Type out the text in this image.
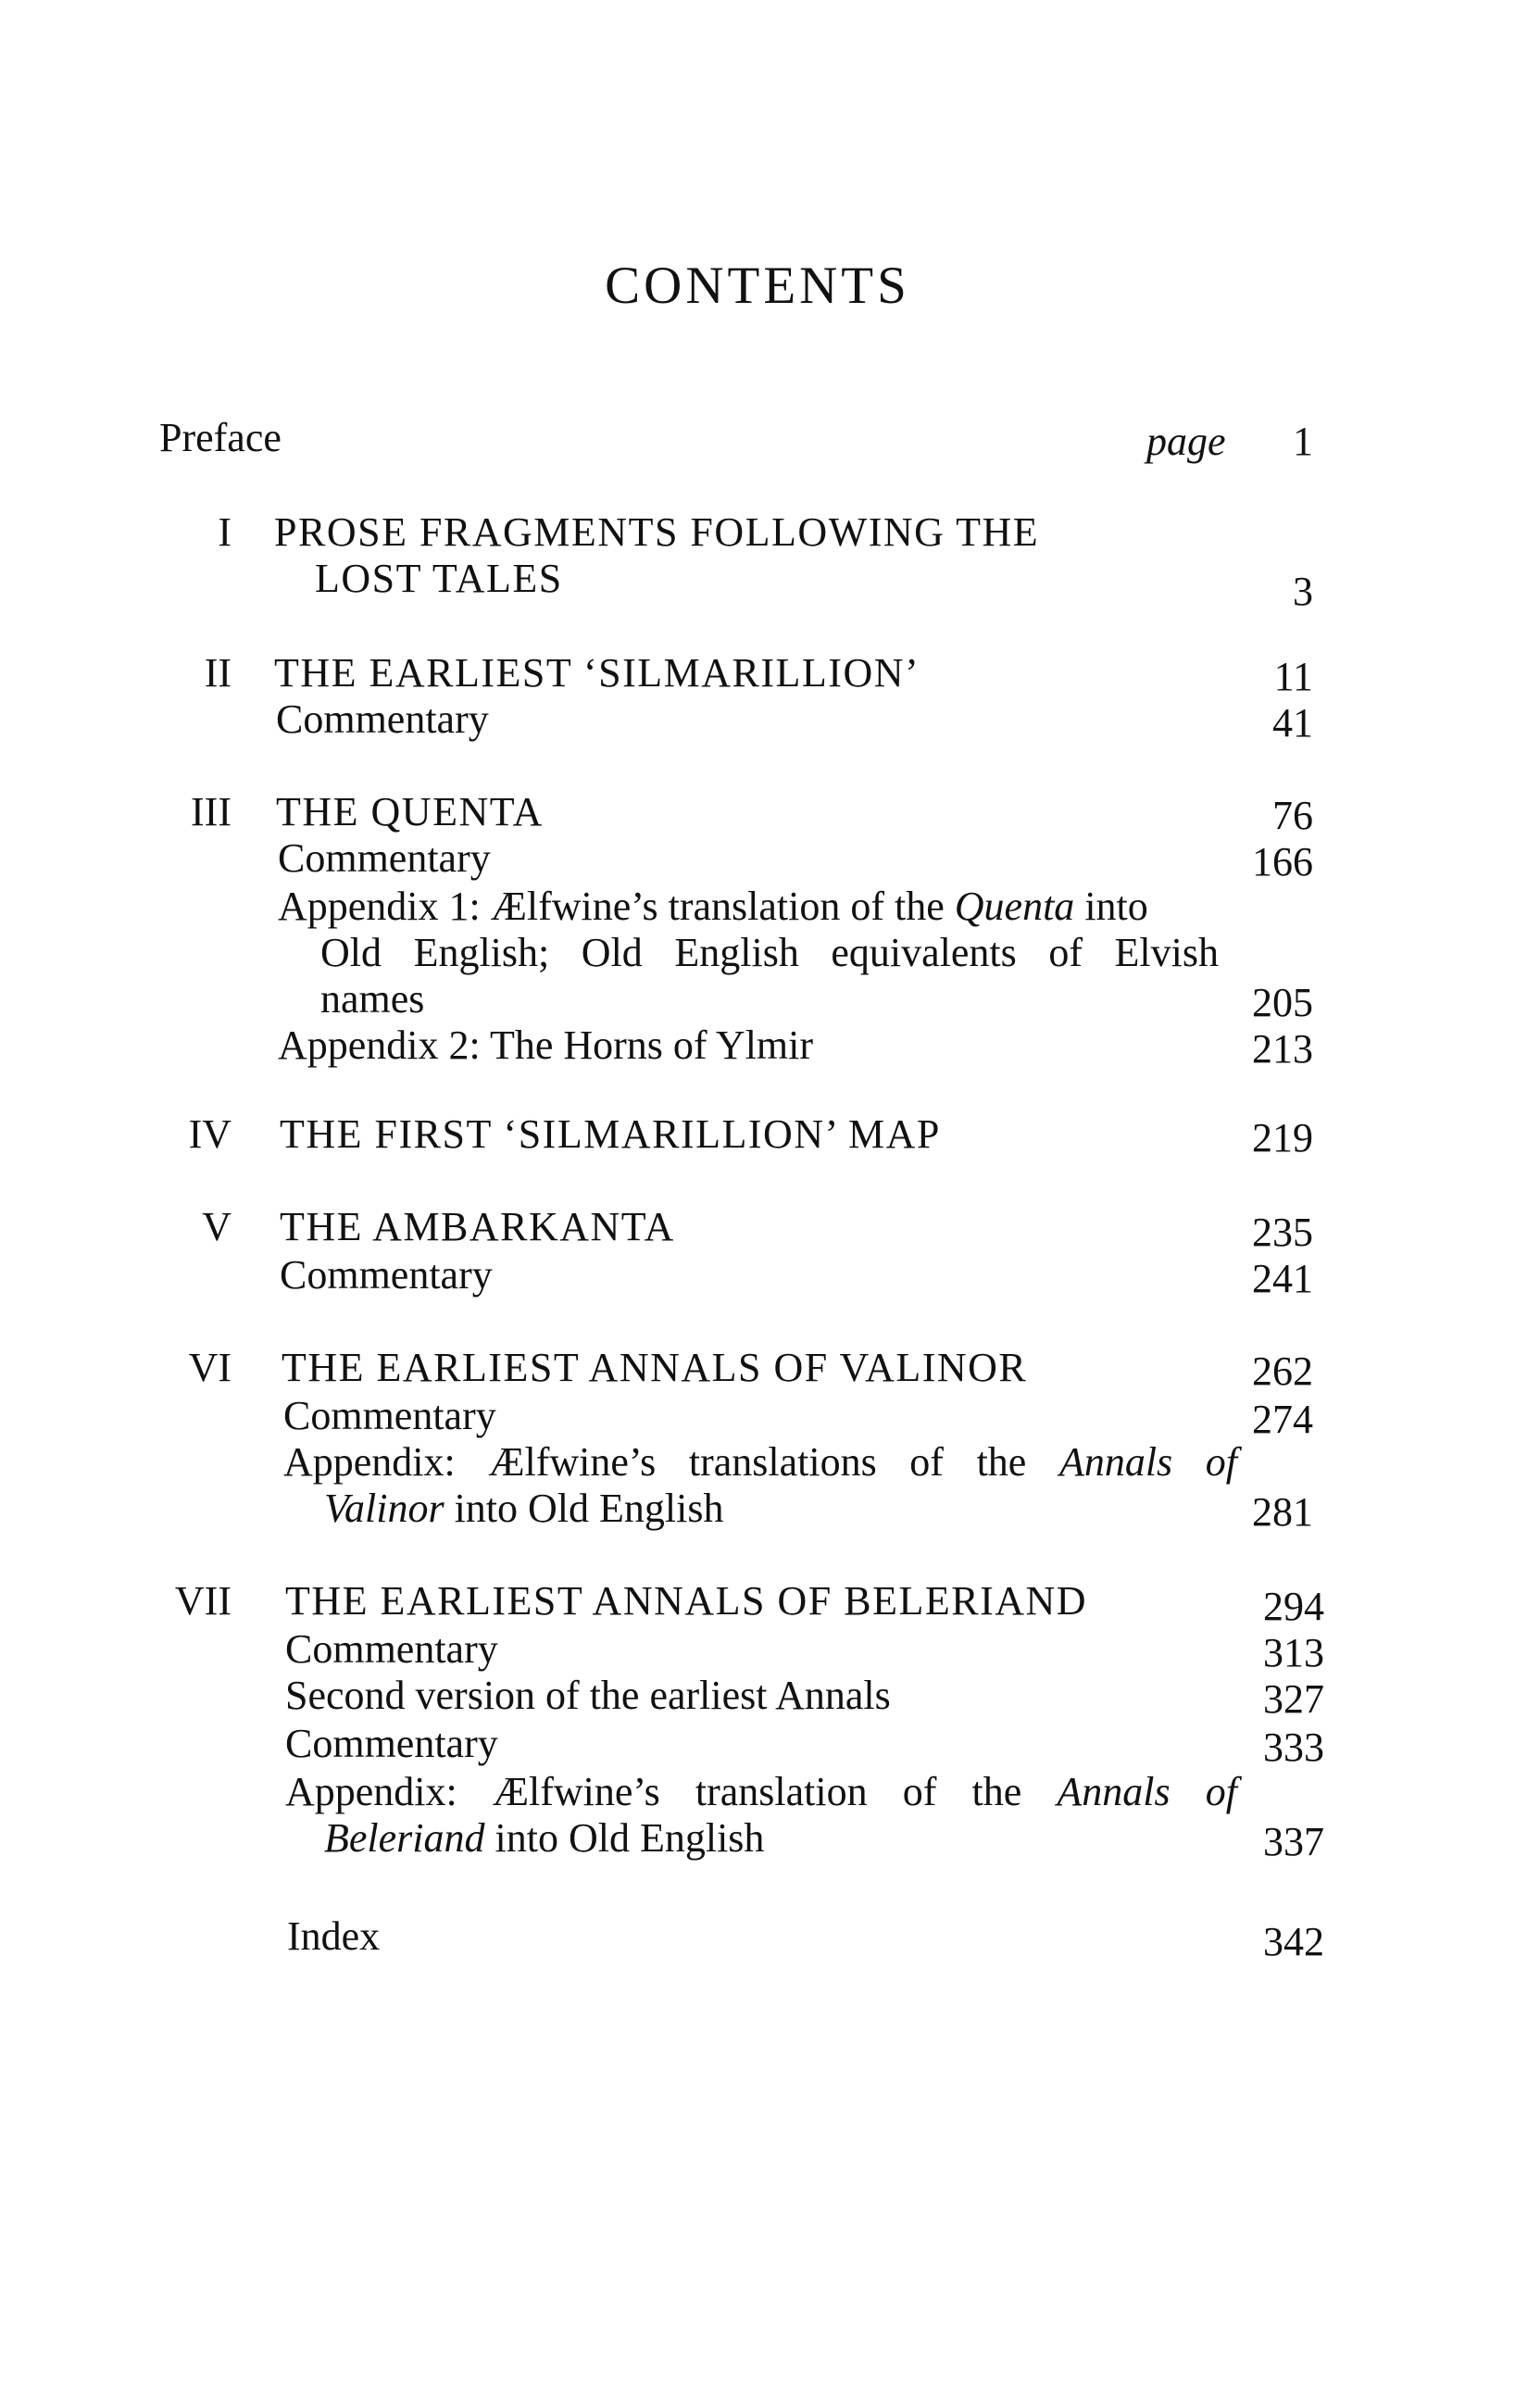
CONTENTS
Preface	page	1
I PROSE FRAGMENTS FOLLOWING THE
LOST TALES	3
II THE EARLIEST ‘SILMARILLION’	11
Commentary	41
III THE QUENTA	76
Commentary	166
Appendix 1: Ælfwine’s translation of the Quenta into
Old English; Old English equivalents of Elvish
names	205
Appendix 2: The Horns of Ylmir	213
IV THE FIRST ‘SILMARILLION’ MAP	219
V THE AMBARKANTA	235
Commentary	241
VI THE EARLIEST ANNALS OF VALINOR	262
Commentary	274
Appendix: Ælfwine’s translations of the Annals of
Valinor into Old English	281
VII THE EARLIEST ANNALS OF BELERIAND	294
Commentary	313
Second version of the earliest Annals	327
Commentary	333
Appendix: Ælfwine’s translation of the Annals of
Beleriand into Old English	337
Index	342
